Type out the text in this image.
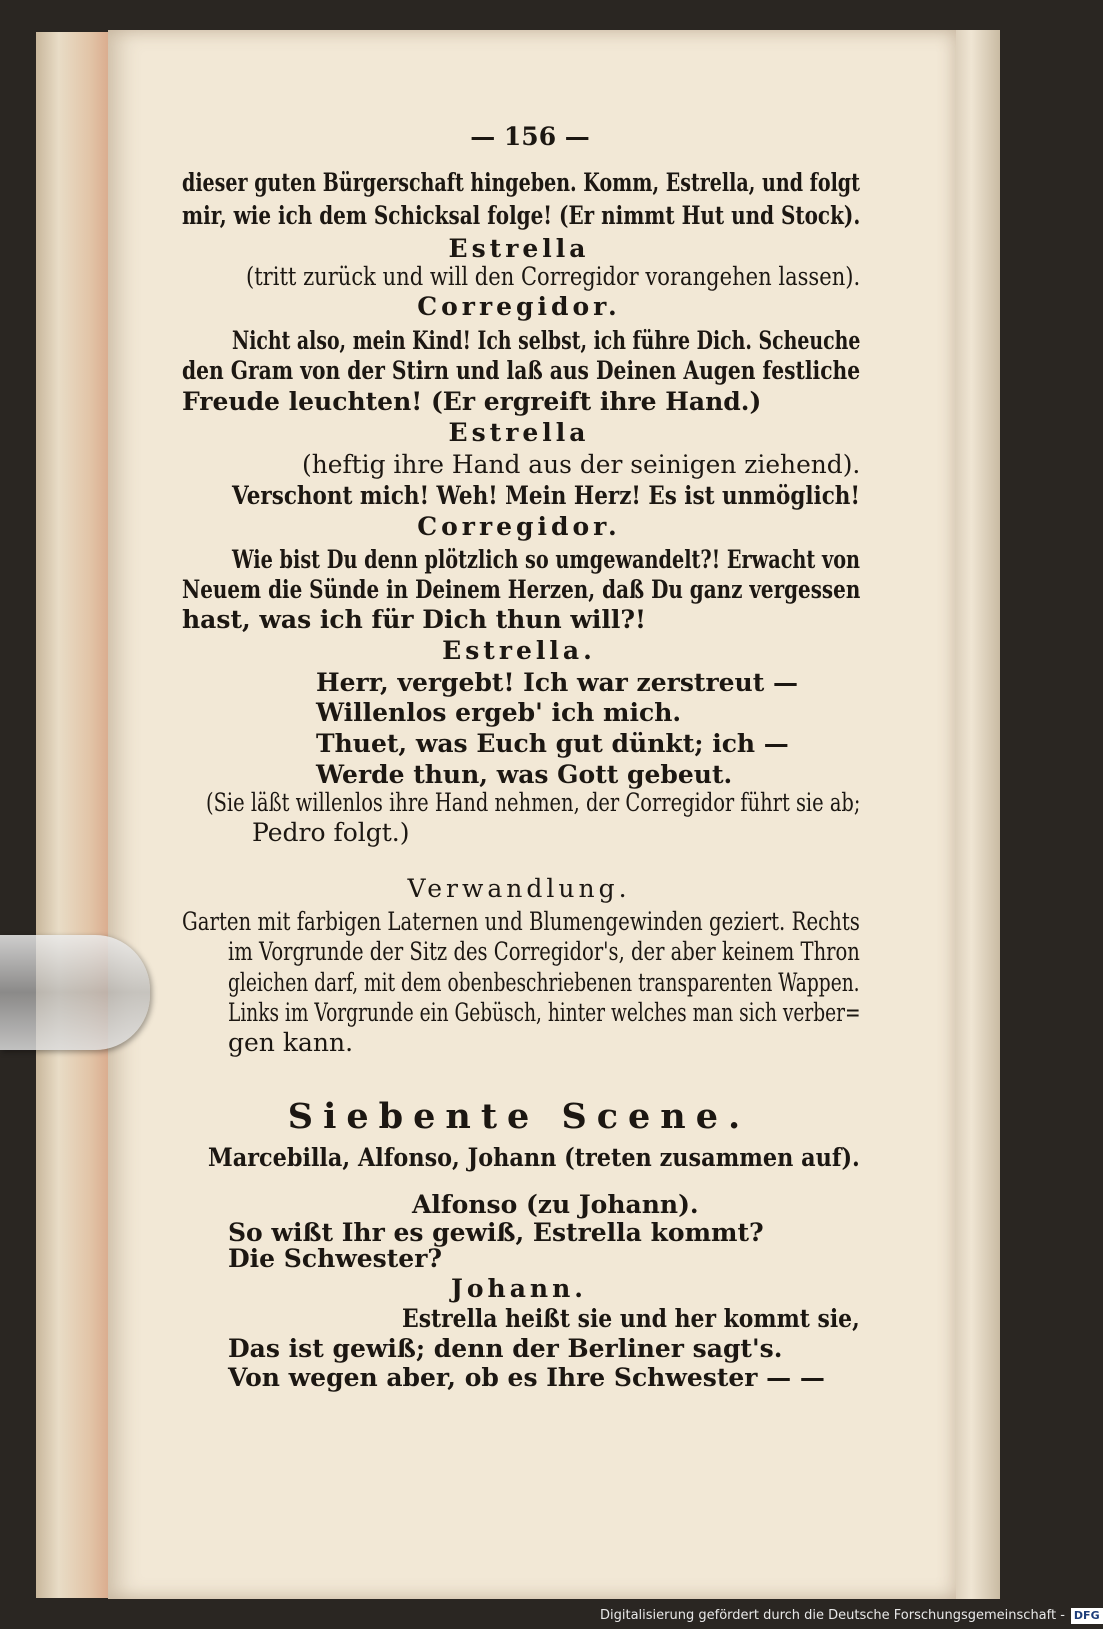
— 156 —

dieser guten Bürgerschaft hingeben. Komm, Estrella, und folgt

mir, wie ich dem Schicksal folge! (Er nimmt Hut und Stock).

Estrella

(tritt zurück und will den Corregidor vorangehen lassen).

Corregidor.

Nicht also, mein Kind! Ich selbst, ich führe Dich. Scheuche

den Gram von der Stirn und laß aus Deinen Augen festliche

Freude leuchten! (Er ergreift ihre Hand.)

Estrella

(heftig ihre Hand aus der seinigen ziehend).

Verschont mich! Weh! Mein Herz! Es ist unmöglich!

Corregidor.

Wie bist Du denn plötzlich so umgewandelt?! Erwacht von

Neuem die Sünde in Deinem Herzen, daß Du ganz vergessen

hast, was ich für Dich thun will?!

Estrella.

Herr, vergebt! Ich war zerstreut —

Willenlos ergeb' ich mich.

Thuet, was Euch gut dünkt; ich —

Werde thun, was Gott gebeut.

(Sie läßt willenlos ihre Hand nehmen, der Corregidor führt sie ab;

Pedro folgt.)

Verwandlung.

Garten mit farbigen Laternen und Blumengewinden geziert. Rechts

im Vorgrunde der Sitz des Corregidor's, der aber keinem Thron

gleichen darf, mit dem obenbeschriebenen transparenten Wappen.

Links im Vorgrunde ein Gebüsch, hinter welches man sich verber=

gen kann.

Siebente Scene.

Marcebilla, Alfonso, Johann (treten zusammen auf).

Alfonso (zu Johann).

So wißt Ihr es gewiß, Estrella kommt?

Die Schwester?

Johann.

Estrella heißt sie und her kommt sie,

Das ist gewiß; denn der Berliner sagt's.

Von wegen aber, ob es Ihre Schwester — —

Digitalisierung gefördert durch die Deutsche Forschungsgemeinschaft - DFG
